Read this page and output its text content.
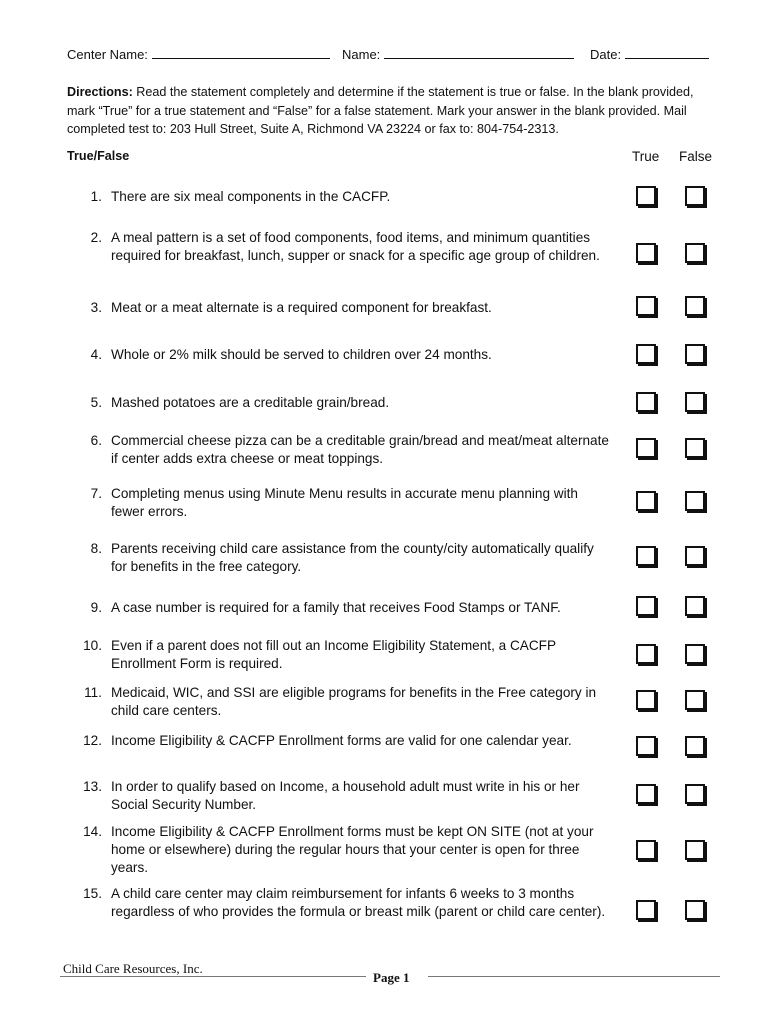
Center Name:	Name:	Date:
Directions: Read the statement completely and determine if the statement is true or false. In the blank provided, mark “True” for a true statement and “False” for a false statement. Mark your answer in the blank provided. Mail completed test to: 203 Hull Street, Suite A, Richmond VA 23224 or fax to: 804-754-2313.
True/False	True False
1. There are six meal components in the CACFP.
2. A meal pattern is a set of food components, food items, and minimum quantities required for breakfast, lunch, supper or snack for a specific age group of children.
3. Meat or a meat alternate is a required component for breakfast.
4. Whole or 2% milk should be served to children over 24 months.
5. Mashed potatoes are a creditable grain/bread.
6. Commercial cheese pizza can be a creditable grain/bread and meat/meat alternate if center adds extra cheese or meat toppings.
7. Completing menus using Minute Menu results in accurate menu planning with fewer errors.
8. Parents receiving child care assistance from the county/city automatically qualify for benefits in the free category.
9. A case number is required for a family that receives Food Stamps or TANF.
10. Even if a parent does not fill out an Income Eligibility Statement, a CACFP Enrollment Form is required.
11. Medicaid, WIC, and SSI are eligible programs for benefits in the Free category in child care centers.
12. Income Eligibility & CACFP Enrollment forms are valid for one calendar year.
13. In order to qualify based on Income, a household adult must write in his or her Social Security Number.
14. Income Eligibility & CACFP Enrollment forms must be kept ON SITE (not at your home or elsewhere) during the regular hours that your center is open for three years.
15. A child care center may claim reimbursement for infants 6 weeks to 3 months regardless of who provides the formula or breast milk (parent or child care center).
Child Care Resources, Inc.
Page 1
